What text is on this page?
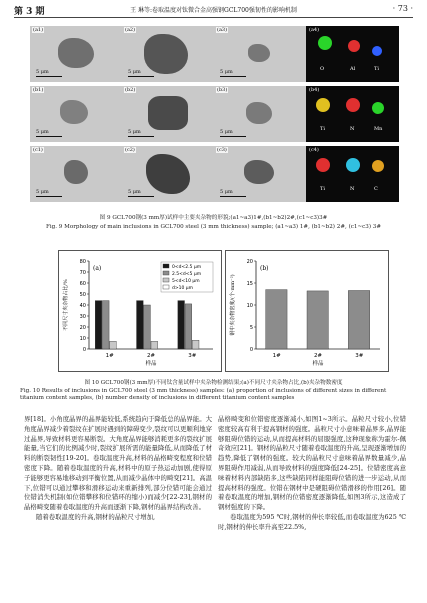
第 3 期	王 琳等:卷取温度对钛微合金高强钢GCL700强韧性的影响机制	· 73 ·
(a1)
5 μm
(a2)
5 μm
(a3)
5 μm
(a4)
O	Al	Ti
(b1)
5 μm
(b2)
5 μm
(b3)
5 μm
(b4)
Ti	N	Mn
(c1)
5 μm
(c2)
5 μm
(c3)
5 μm
(c4)
Ti	N	C
图 9 GCL700钢(3 mm厚)试样中主要夹杂物的形貌;(a1~a3)1#,(b1~b2)2#,(c1~c3)3#
Fig. 9 Morphology of main inclusions in GCL700 steel (3 mm thickness) sample; (a1~a3) 1#, (b1~b2) 2#, (c1~c3) 3#
(a)
0
10
20
30
40
50
60
70
80
1#	2#	3#
样品
不同尺寸夹杂物占比/%
0<d<2.5 μm
2.5<d<5 μm
5<d<10 μm
d>10 μm
(b)
0
5
10
15
20
1#	2#	3#
样品
钢中夹杂物密度/(个·mm⁻²)
图 10 GCL700钢(3 mm厚)不同钛含量试样中夹杂物检测结果;(a)不同尺寸夹杂物占比,(b)夹杂物数密度
Fig. 10 Results of inclusions in GCL700 steel (3 mm thickness) samples: (a) proportion of inclusions of different sizes in different titanium content samples, (b) number density of inclusions in different titanium content samples

界[18]。小角度晶界的晶界能较低,系统趋向于降低总的晶界能。大角度晶界减少着裂纹在扩展时遇到的障碍变少,裂纹可以更顺利地穿过晶界,导致材料更容易断裂。大角度晶界能够消耗更多的裂纹扩展能量,当它们的比例减少时,裂纹扩展所需的能量降低,从而降低了材料的断裂韧性[19-20]。卷取温度升高,材料的晶格畸变程度和位错密度下降。随着卷取温度的升高,材料中的原子热运动加剧,使得原子能够更容易地移动到平衡位置,从而减少晶体中的畸变[21]。高温下,位错可以通过攀移和滑移运动来重新排列,部分位错可能会通过位错消失机制(如位错攀移和位错环的缩小)而减少[22-23],钢材的晶格畸变随着卷取温度的升高而逐渐下降,钢材的晶界结构改善。

随着卷取温度的升高,钢材的晶粒尺寸增加,

晶格畸变和位错密度逐渐减小,如图1~3所示。晶粒尺寸较小,位错密度较高有利于提高钢材的强度。晶粒尺寸小意味着晶界多,晶界能够阻碍位错的运动,从而提高材料的屈服强度,这种现象称为霍尔-佩奇效应[21]。钢材的晶粒尺寸随着卷取温度的升高,呈现逐渐增加的趋势,降低了钢材的强度。较大的晶粒尺寸意味着晶界数量减少,晶界阻碍作用减弱,从而导致材料的强度降低[24-25]。位错密度高意味着材料内部缺陷多,这些缺陷同样能阻碍位错的进一步运动,从而提高材料的强度。位错在钢材中是硬阻碍位错滑移的作用[26]。随着卷取温度的增加,钢材的位错密度逐渐降低,如图3所示,这造成了钢材强度的下降。

卷取温度为595 ℃时,钢材的伸长率较低,而卷取温度为625 ℃时,钢材的伸长率升高至22.5%,
